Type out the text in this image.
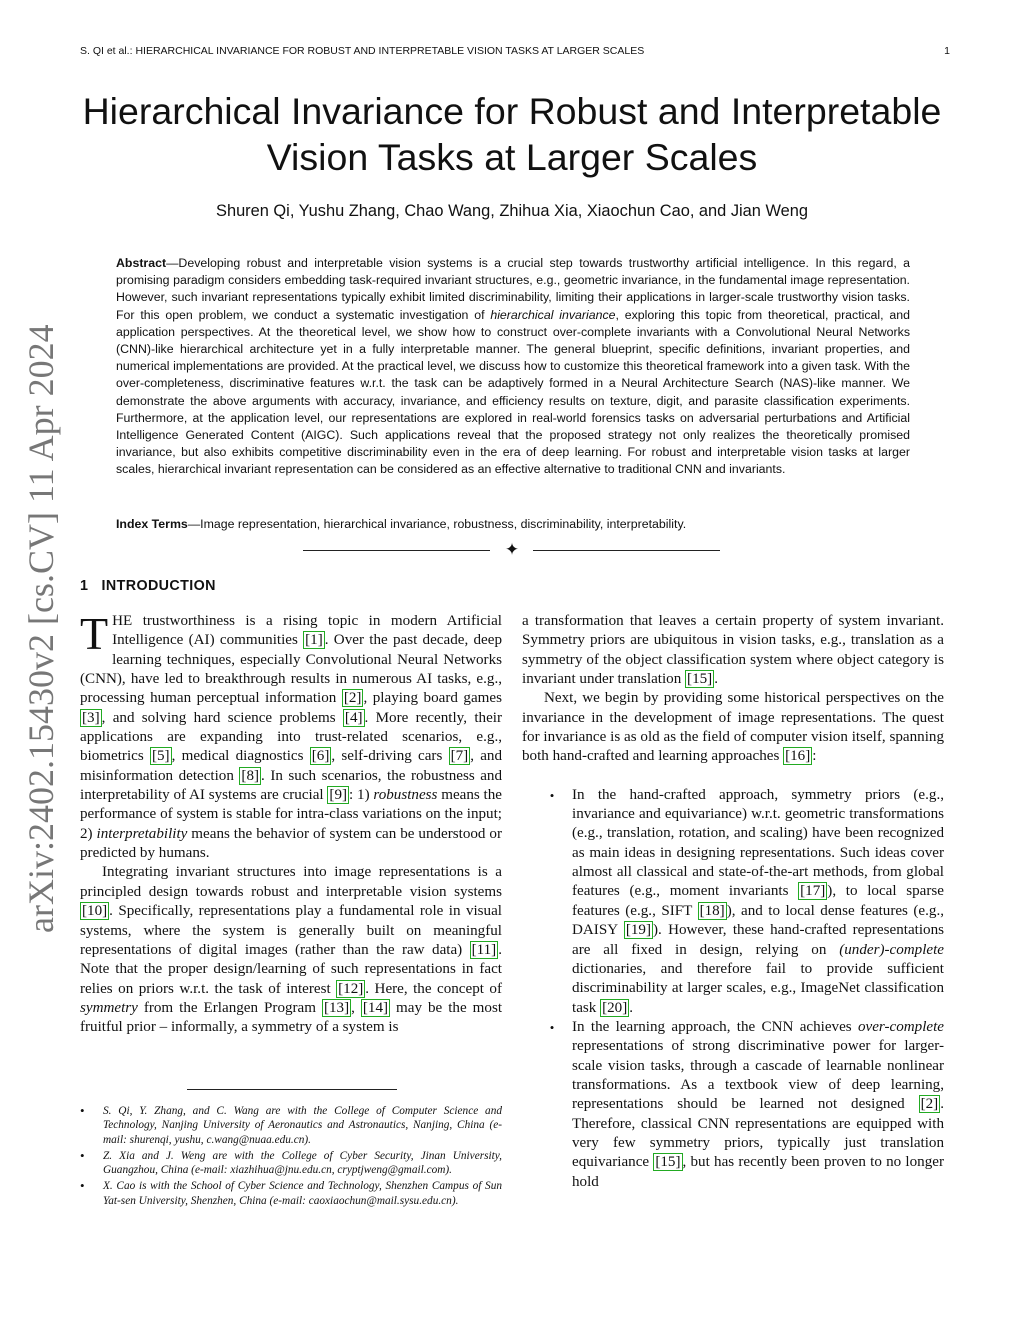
S. QI et al.: HIERARCHICAL INVARIANCE FOR ROBUST AND INTERPRETABLE VISION TASKS AT LARGER SCALES	1
Hierarchical Invariance for Robust and Interpretable Vision Tasks at Larger Scales
Shuren Qi, Yushu Zhang, Chao Wang, Zhihua Xia, Xiaochun Cao, and Jian Weng
Abstract—Developing robust and interpretable vision systems is a crucial step towards trustworthy artificial intelligence. In this regard, a promising paradigm considers embedding task-required invariant structures, e.g., geometric invariance, in the fundamental image representation. However, such invariant representations typically exhibit limited discriminability, limiting their applications in larger-scale trustworthy vision tasks. For this open problem, we conduct a systematic investigation of hierarchical invariance, exploring this topic from theoretical, practical, and application perspectives. At the theoretical level, we show how to construct over-complete invariants with a Convolutional Neural Networks (CNN)-like hierarchical architecture yet in a fully interpretable manner. The general blueprint, specific definitions, invariant properties, and numerical implementations are provided. At the practical level, we discuss how to customize this theoretical framework into a given task. With the over-completeness, discriminative features w.r.t. the task can be adaptively formed in a Neural Architecture Search (NAS)-like manner. We demonstrate the above arguments with accuracy, invariance, and efficiency results on texture, digit, and parasite classification experiments. Furthermore, at the application level, our representations are explored in real-world forensics tasks on adversarial perturbations and Artificial Intelligence Generated Content (AIGC). Such applications reveal that the proposed strategy not only realizes the theoretically promised invariance, but also exhibits competitive discriminability even in the era of deep learning. For robust and interpretable vision tasks at larger scales, hierarchical invariant representation can be considered as an effective alternative to traditional CNN and invariants.
Index Terms—Image representation, hierarchical invariance, robustness, discriminability, interpretability.
✦
1 INTRODUCTION

THE trustworthiness is a rising topic in modern Artificial Intelligence (AI) communities [1] . Over the past decade, deep learning techniques, especially Convolutional Neural Networks (CNN), have led to breakthrough results in numerous AI tasks, e.g., processing human perceptual information [2] , playing board games [3] , and solving hard science problems [4] . More recently, their applications are expanding into trust-related scenarios, e.g., biometrics [5] , medical diagnostics [6] , self-driving cars [7] , and misinformation detection [8] . In such scenarios, the robustness and interpretability of AI systems are crucial [9] : 1) robustness means the performance of system is stable for intra-class variations on the input; 2) interpretability means the behavior of system can be understood or predicted by humans.

Integrating invariant structures into image representations is a principled design towards robust and interpretable vision systems [10] . Specifically, representations play a fundamental role in visual systems, where the system is generally built on meaningful representations of digital images (rather than the raw data) [11] . Note that the proper design/learning of such representations in fact relies on priors w.r.t. the task of interest [12] . Here, the concept of symmetry from the Erlangen Program [13] , [14] may be the most fruitful prior – informally, a symmetry of a system is

•	S. Qi, Y. Zhang, and C. Wang are with the College of Computer Science and Technology, Nanjing University of Aeronautics and Astronautics, Nanjing, China (e-mail: shurenqi, yushu, c.wang@nuaa.edu.cn).
•	Z. Xia and J. Weng are with the College of Cyber Security, Jinan University, Guangzhou, China (e-mail: xiazhihua@jnu.edu.cn, cryptjweng@gmail.com).
•	X. Cao is with the School of Cyber Science and Technology, Shenzhen Campus of Sun Yat-sen University, Shenzhen, China (e-mail: caoxiaochun@mail.sysu.edu.cn).

a transformation that leaves a certain property of system invariant. Symmetry priors are ubiquitous in vision tasks, e.g., translation as a symmetry of the object classification system where object category is invariant under translation [15] .

Next, we begin by providing some historical perspectives on the invariance in the development of image representations. The quest for invariance is as old as the field of computer vision itself, spanning both hand-crafted and learning approaches [16] :

•	In the hand-crafted approach, symmetry priors (e.g., invariance and equivariance) w.r.t. geometric transformations (e.g., translation, rotation, and scaling) have been recognized as main ideas in designing representations. Such ideas cover almost all classical and state-of-the-art methods, from global features (e.g., moment invariants [17] ), to local sparse features (e.g., SIFT [18] ), and to local dense features (e.g., DAISY [19] ). However, these hand-crafted representations are all fixed in design, relying on (under)-complete dictionaries, and therefore fail to provide sufficient discriminability at larger scales, e.g., ImageNet classification task [20] .
•	In the learning approach, the CNN achieves over-complete representations of strong discriminative power for larger-scale vision tasks, through a cascade of learnable nonlinear transformations. As a textbook view of deep learning, representations should be learned not designed [2] . Therefore, classical CNN representations are equipped with very few symmetry priors, typically just translation equivariance [15] , but has recently been proven to no longer hold
arXiv:2402.15430v2 [cs.CV] 11 Apr 2024
